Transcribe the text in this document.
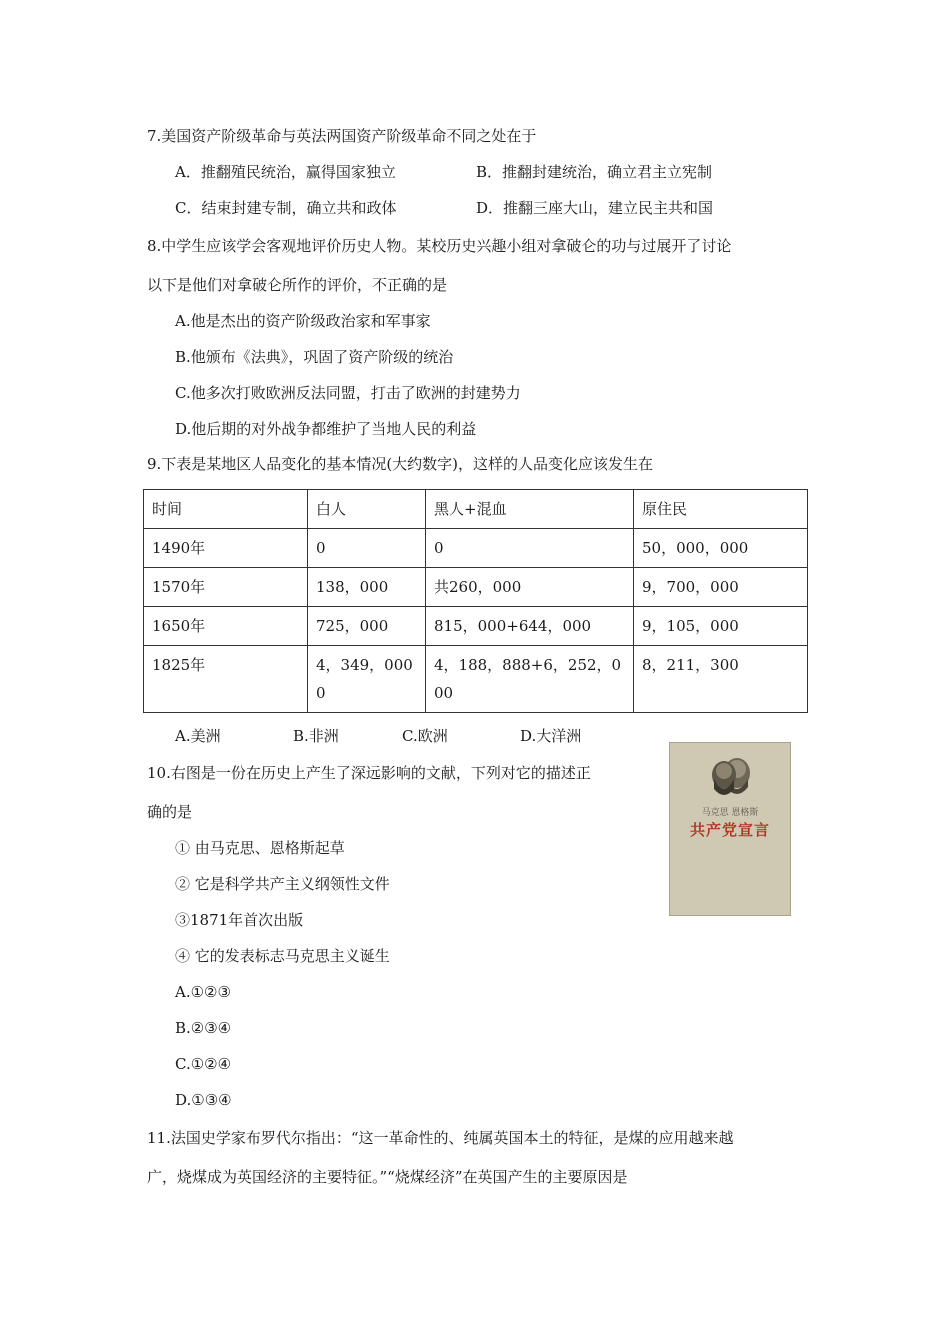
7.美国资产阶级革命与英法两国资产阶级革命不同之处在于
A．推翻殖民统治，赢得国家独立	B．推翻封建统治，确立君主立宪制
C．结束封建专制，确立共和政体	D．推翻三座大山，建立民主共和国
8.中学生应该学会客观地评价历史人物。某校历史兴趣小组对拿破仑的功与过展开了讨论
以下是他们对拿破仑所作的评价，不正确的是
A.他是杰出的资产阶级政治家和军事家
B.他颁布《法典》，巩固了资产阶级的统治
C.他多次打败欧洲反法同盟，打击了欧洲的封建势力
D.他后期的对外战争都维护了当地人民的利益
9.下表是某地区人品变化的基本情况(大约数字)，这样的人品变化应该发生在
时间	白人	黑人+混血	原住民
1490年	0	0	50，000，000
1570年	138，000	共260，000	9，700，000
1650年	725，000	815，000+644，000	9，105，000
1825年	4，349，0000	4，188，888+6，252，000	8，211，300
A.美洲	B.非洲	C.欧洲	D.大洋洲
10.右图是一份在历史上产生了深远影响的文献，下列对它的描述正
确的是
① 由马克思、恩格斯起草
② 它是科学共产主义纲领性文件
③1871年首次出版
④ 它的发表标志马克思主义诞生
A.①②③
B.②③④
C.①②④
D.①③④
马克思 恩格斯
共产党宣言
11.法国史学家布罗代尔指出：“这一革命性的、纯属英国本土的特征，是煤的应用越来越
广，烧煤成为英国经济的主要特征。”“烧煤经济”在英国产生的主要原因是
